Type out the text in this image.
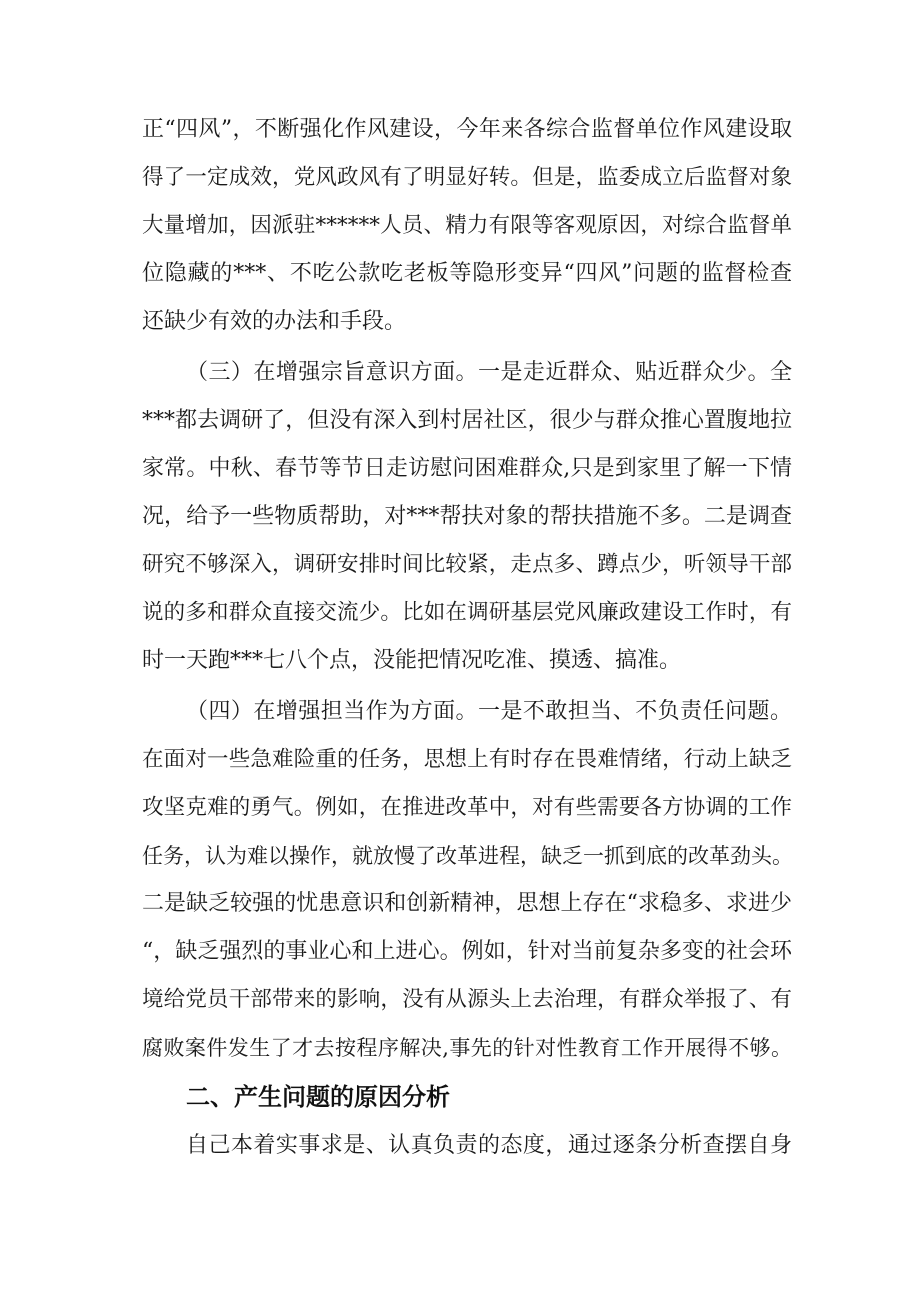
正“四风”，不断强化作风建设，今年来各综合监督单位作风建设取

得了一定成效，党风政风有了明显好转。但是，监委成立后监督对象

大量增加，因派驻******人员、精力有限等客观原因，对综合监督单

位隐藏的***、不吃公款吃老板等隐形变异“四风”问题的监督检查

还缺少有效的办法和手段。

（三）在增强宗旨意识方面。一是走近群众、贴近群众少。全

***都去调研了，但没有深入到村居社区，很少与群众推心置腹地拉

家常。中秋、春节等节日走访慰问困难群众,只是到家里了解一下情

况，给予一些物质帮助，对***帮扶对象的帮扶措施不多。二是调查

研究不够深入，调研安排时间比较紧，走点多、蹲点少，听领导干部

说的多和群众直接交流少。比如在调研基层党风廉政建设工作时，有

时一天跑***七八个点，没能把情况吃准、摸透、搞准。

（四）在增强担当作为方面。一是不敢担当、不负责任问题。

在面对一些急难险重的任务，思想上有时存在畏难情绪，行动上缺乏

攻坚克难的勇气。例如，在推进改革中，对有些需要各方协调的工作

任务，认为难以操作，就放慢了改革进程，缺乏一抓到底的改革劲头。

二是缺乏较强的忧患意识和创新精神，思想上存在“求稳多、求进少

“，缺乏强烈的事业心和上进心。例如，针对当前复杂多变的社会环

境给党员干部带来的影响，没有从源头上去治理，有群众举报了、有

腐败案件发生了才去按程序解决,事先的针对性教育工作开展得不够。

二、产生问题的原因分析

自己本着实事求是、认真负责的态度，通过逐条分析查摆自身
